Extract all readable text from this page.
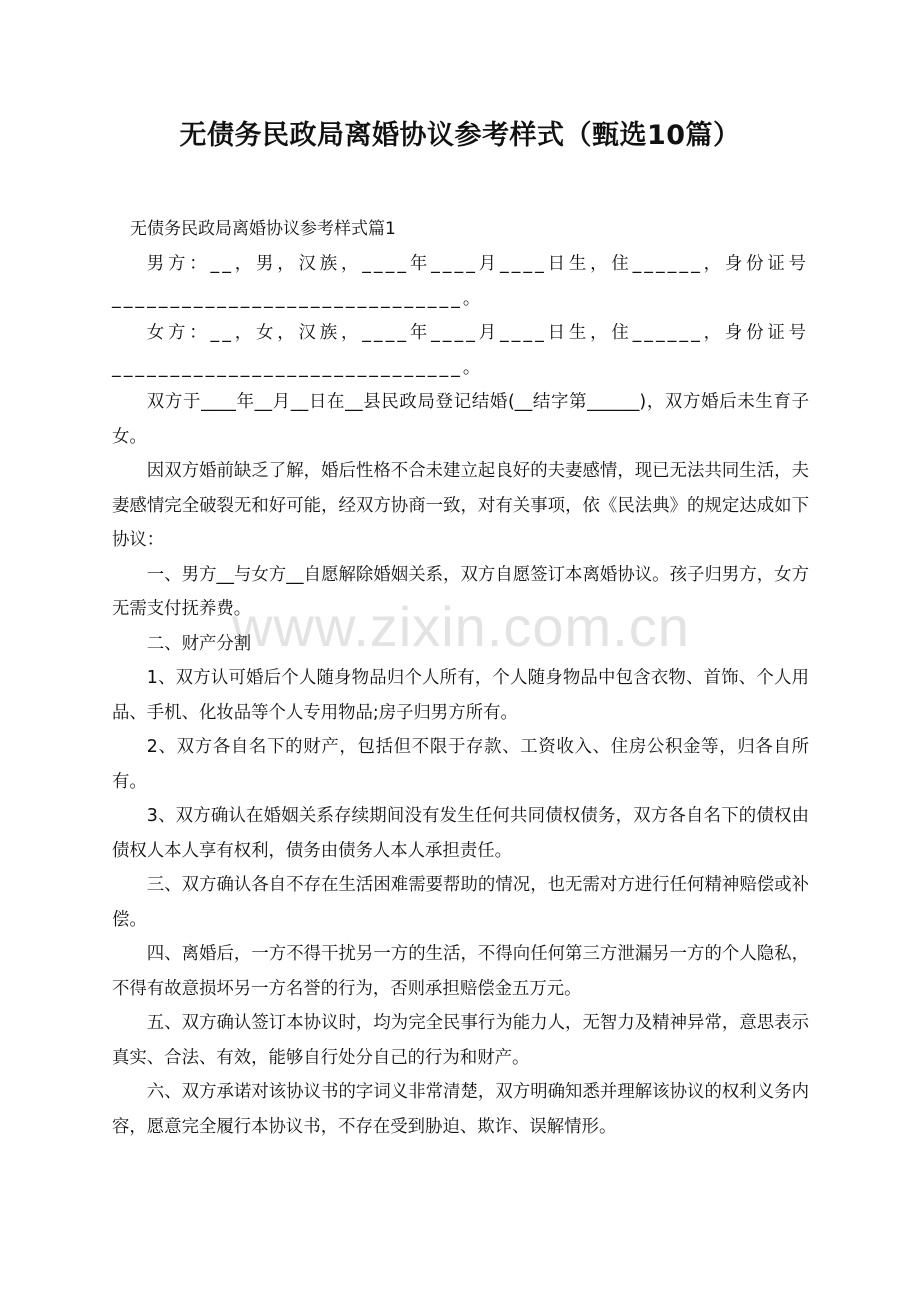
无债务民政局离婚协议参考样式（甄选10篇）
无债务民政局离婚协议参考样式篇1

男方：__，男，汉族，____年____月____日生，住______，身份证号______________________________。

女方：__，女，汉族，____年____月____日生，住______，身份证号______________________________。

双方于____年__月__日在__县民政局登记结婚(__结字第______)，双方婚后未生育子女。

因双方婚前缺乏了解，婚后性格不合未建立起良好的夫妻感情，现已无法共同生活，夫妻感情完全破裂无和好可能，经双方协商一致，对有关事项，依《民法典》的规定达成如下协议：

一、男方__与女方__自愿解除婚姻关系，双方自愿签订本离婚协议。孩子归男方，女方无需支付抚养费。

二、财产分割

1、双方认可婚后个人随身物品归个人所有，个人随身物品中包含衣物、首饰、个人用品、手机、化妆品等个人专用物品;房子归男方所有。

2、双方各自名下的财产，包括但不限于存款、工资收入、住房公积金等，归各自所有。

3、双方确认在婚姻关系存续期间没有发生任何共同债权债务，双方各自名下的债权由债权人本人享有权利，债务由债务人本人承担责任。

三、双方确认各自不存在生活困难需要帮助的情况，也无需对方进行任何精神赔偿或补偿。

四、离婚后，一方不得干扰另一方的生活，不得向任何第三方泄漏另一方的个人隐私，不得有故意损坏另一方名誉的行为，否则承担赔偿金五万元。

五、双方确认签订本协议时，均为完全民事行为能力人，无智力及精神异常，意思表示真实、合法、有效，能够自行处分自己的行为和财产。

六、双方承诺对该协议书的字词义非常清楚，双方明确知悉并理解该协议的权利义务内容，愿意完全履行本协议书，不存在受到胁迫、欺诈、误解情形。

www.zixin.com.cn
